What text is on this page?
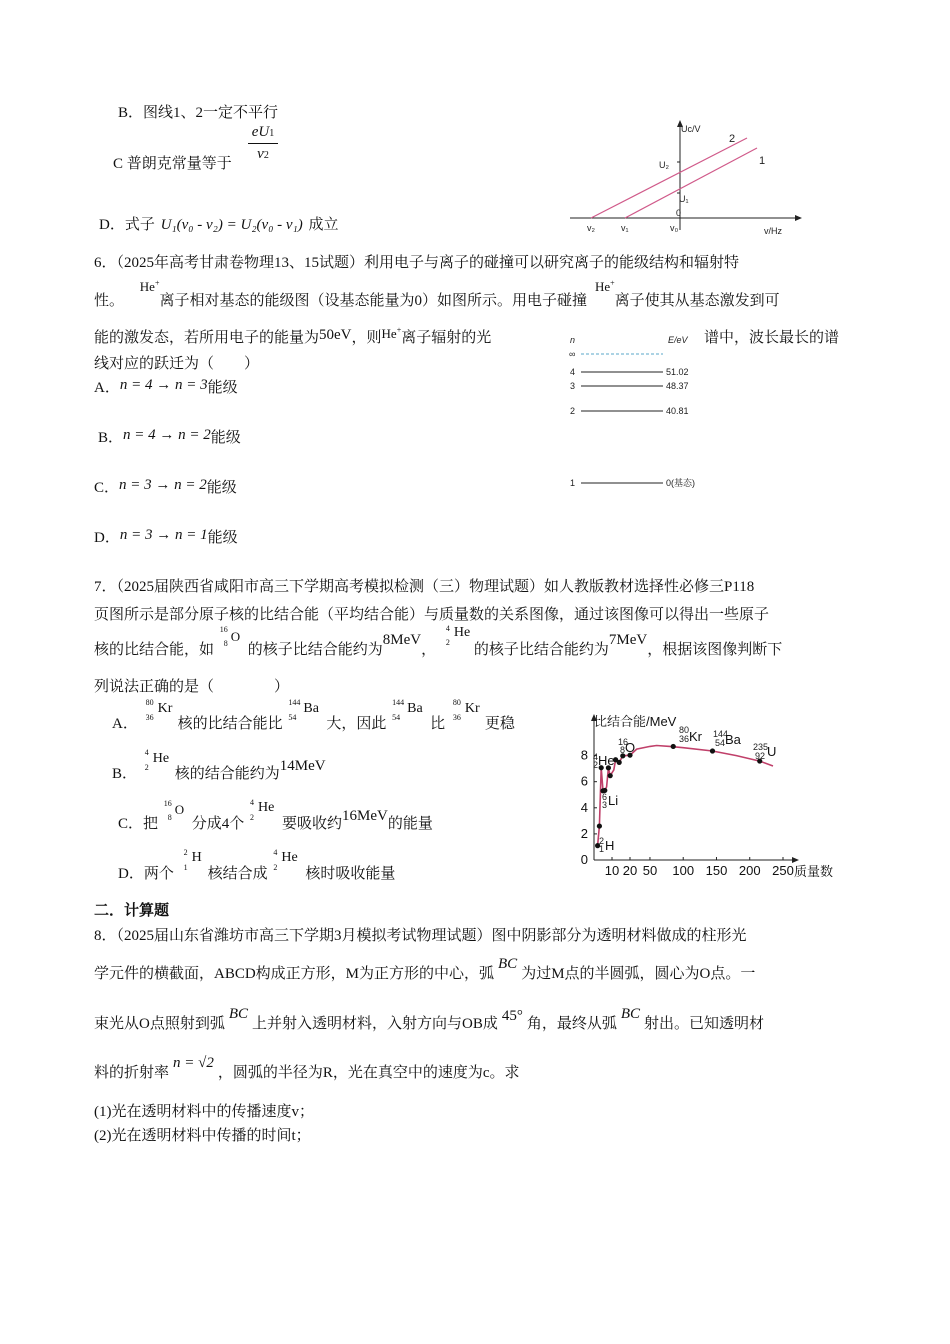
B．图线1、2一定不平行
C 普朗克常量等于
eU1
v2
D．式子 U₁(v₀ - v₂) = U₂(v₀ - v₁) 成立
Uc/V
v/Hz
2
1
U₂
U₁
0
v₂	v₁	v₀
6．（2025年高考甘肃卷物理13、15试题）利用电子与离子的碰撞可以研究离子的能级结构和辐射特
性。 He+离子相对基态的能级图（设基态能量为0）如图所示。用电子碰撞He+离子使其从基态激发到可
能的激发态，若所用电子的能量为50eV，则He+离子辐射的光	谱中，波长最长的谱
线对应的跃迁为（　　）
A．n = 4 → n = 3能级
B．n = 4 → n = 2能级
C．n = 3 → n = 2能级
D．n = 3 → n = 1能级
n	E/eV
∞
4	51.02
3	48.37
2	40.81
1	0(基态)
7．（2025届陕西省咸阳市高三下学期高考模拟检测（三）物理试题）如人教版教材选择性必修三P118
页图所示是部分原子核的比结合能（平均结合能）与质量数的关系图像，通过该图像可以得出一些原子
核的比结合能，如
16
8 O
的核子比结合能约为8MeV，
4
2
He
的核子比结合能约为7MeV，根据该图像判断下
列说法正确的是（　　　　）
A．
80
36
Kr
核的比结合能比
144
54
Ba
大，因此
144
54
Ba
比
80
36
Kr
更稳
B．
4
2
He
核的结合能约为14MeV
C．把
16
8
O
分成4个
4
2
He
要吸收约16MeV的能量
D．两个
2
1
H
核结合成
4
2
He
核时吸收能量
比结合能/MeV
质量数
10 20 50 100 150 200 250
0
2
4
6
8 4
2 He
16
8 O
6
3 Li
2
1 H
80
36 Kr 144
54 Ba 235
92 U
二．计算题
8．（2025届山东省潍坊市高三下学期3月模拟考试物理试题）图中阴影部分为透明材料做成的柱形光
学元件的横截面，ABCD构成正方形，M为正方形的中心，弧BC为过M点的半圆弧，圆心为O点。一
束光从O点照射到弧BC上并射入透明材料，入射方向与OB成 45° 角，最终从弧BC射出。已知透明材
料的折射率n = √2，圆弧的半径为R，光在真空中的速度为c。求
(1)光在透明材料中的传播速度v；
(2)光在透明材料中传播的时间t；
